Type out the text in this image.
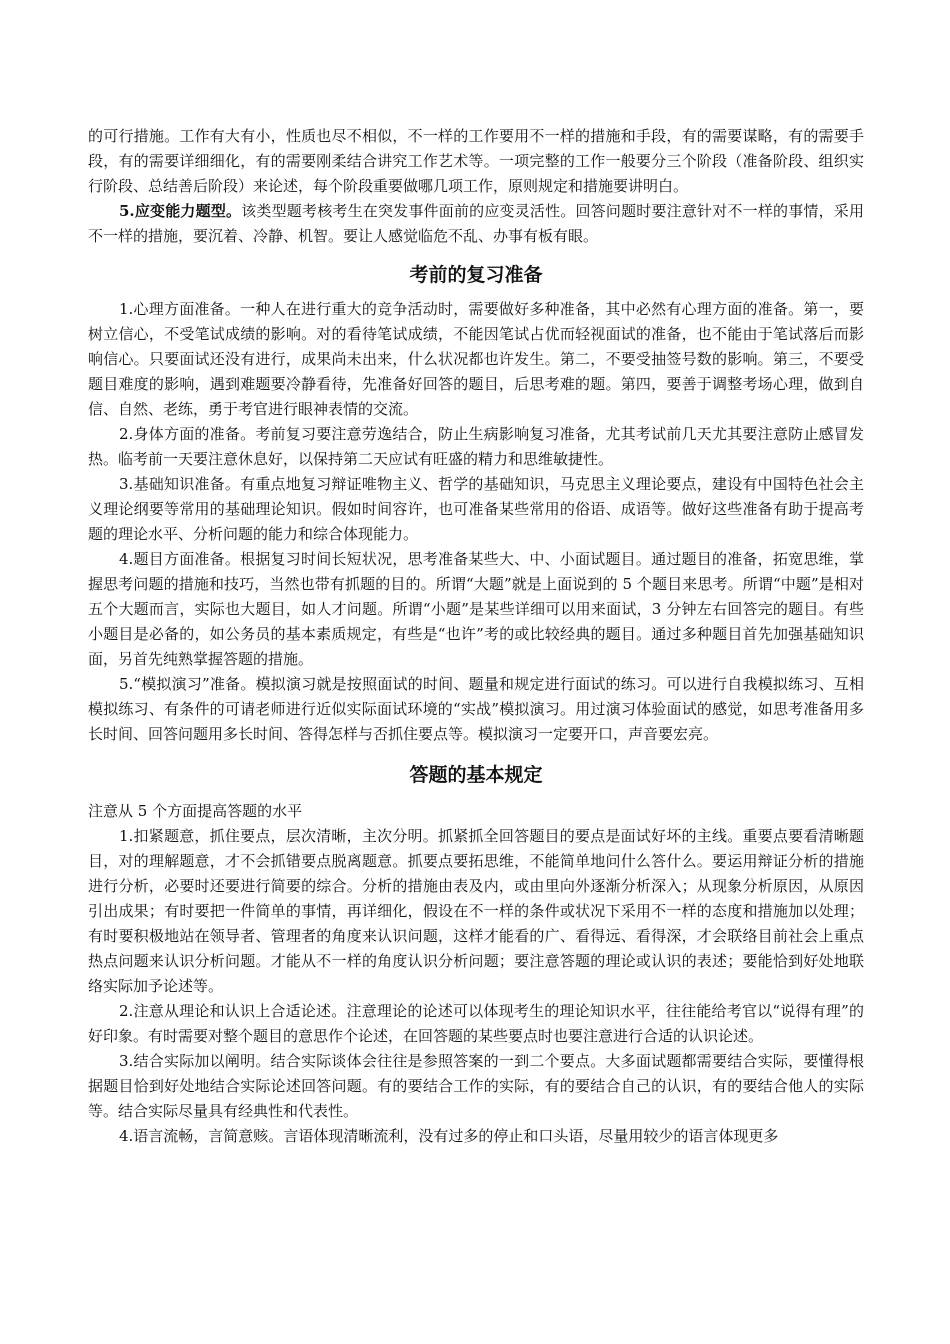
的可行措施。工作有大有小，性质也尽不相似，不一样的工作要用不一样的措施和手段，有的需要谋略，有的需要手段，有的需要详细细化，有的需要刚柔结合讲究工作艺术等。一项完整的工作一般要分三个阶段（准备阶段、组织实行阶段、总结善后阶段）来论述，每个阶段重要做哪几项工作，原则规定和措施要讲明白。

5.应变能力题型。该类型题考核考生在突发事件面前的应变灵活性。回答问题时要注意针对不一样的事情，采用不一样的措施，要沉着、冷静、机智。要让人感觉临危不乱、办事有板有眼。

考前的复习准备

1.心理方面准备。一种人在进行重大的竞争活动时，需要做好多种准备，其中必然有心理方面的准备。第一，要树立信心，不受笔试成绩的影响。对的看待笔试成绩，不能因笔试占优而轻视面试的准备，也不能由于笔试落后而影响信心。只要面试还没有进行，成果尚未出来，什么状况都也许发生。第二，不要受抽签号数的影响。第三，不要受题目难度的影响，遇到难题要冷静看待，先准备好回答的题目，后思考难的题。第四，要善于调整考场心理，做到自信、自然、老练，勇于考官进行眼神表情的交流。

2.身体方面的准备。考前复习要注意劳逸结合，防止生病影响复习准备，尤其考试前几天尤其要注意防止感冒发热。临考前一天要注意休息好，以保持第二天应试有旺盛的精力和思维敏捷性。

3.基础知识准备。有重点地复习辩证唯物主义、哲学的基础知识，马克思主义理论要点，建设有中国特色社会主义理论纲要等常用的基础理论知识。假如时间容许，也可准备某些常用的俗语、成语等。做好这些准备有助于提高考题的理论水平、分析问题的能力和综合体现能力。

4.题目方面准备。根据复习时间长短状况，思考准备某些大、中、小面试题目。通过题目的准备，拓宽思维，掌握思考问题的措施和技巧，当然也带有抓题的目的。所谓“大题”就是上面说到的 5 个题目来思考。所谓“中题”是相对五个大题而言，实际也大题目，如人才问题。所谓“小题”是某些详细可以用来面试，3 分钟左右回答完的题目。有些小题目是必备的，如公务员的基本素质规定，有些是“也许”考的或比较经典的题目。通过多种题目首先加强基础知识面，另首先纯熟掌握答题的措施。

5.“模拟演习”准备。模拟演习就是按照面试的时间、题量和规定进行面试的练习。可以进行自我模拟练习、互相模拟练习、有条件的可请老师进行近似实际面试环境的“实战”模拟演习。用过演习体验面试的感觉，如思考准备用多长时间、回答问题用多长时间、答得怎样与否抓住要点等。模拟演习一定要开口，声音要宏亮。

答题的基本规定

注意从 5 个方面提高答题的水平

1.扣紧题意，抓住要点，层次清晰，主次分明。抓紧抓全回答题目的要点是面试好坏的主线。重要点要看清晰题目，对的理解题意，才不会抓错要点脱离题意。抓要点要拓思维，不能简单地问什么答什么。要运用辩证分析的措施进行分析，必要时还要进行简要的综合。分析的措施由表及内，或由里向外逐渐分析深入；从现象分析原因，从原因引出成果；有时要把一件简单的事情，再详细化，假设在不一样的条件或状况下采用不一样的态度和措施加以处理；有时要积极地站在领导者、管理者的角度来认识问题，这样才能看的广、看得远、看得深，才会联络目前社会上重点热点问题来认识分析问题。才能从不一样的角度认识分析问题；要注意答题的理论或认识的表述；要能恰到好处地联络实际加予论述等。

2.注意从理论和认识上合适论述。注意理论的论述可以体现考生的理论知识水平，往往能给考官以“说得有理”的好印象。有时需要对整个题目的意思作个论述，在回答题的某些要点时也要注意进行合适的认识论述。

3.结合实际加以阐明。结合实际谈体会往往是参照答案的一到二个要点。大多面试题都需要结合实际，要懂得根据题目恰到好处地结合实际论述回答问题。有的要结合工作的实际，有的要结合自己的认识，有的要结合他人的实际等。结合实际尽量具有经典性和代表性。

4.语言流畅，言简意赅。言语体现清晰流利，没有过多的停止和口头语，尽量用较少的语言体现更多
